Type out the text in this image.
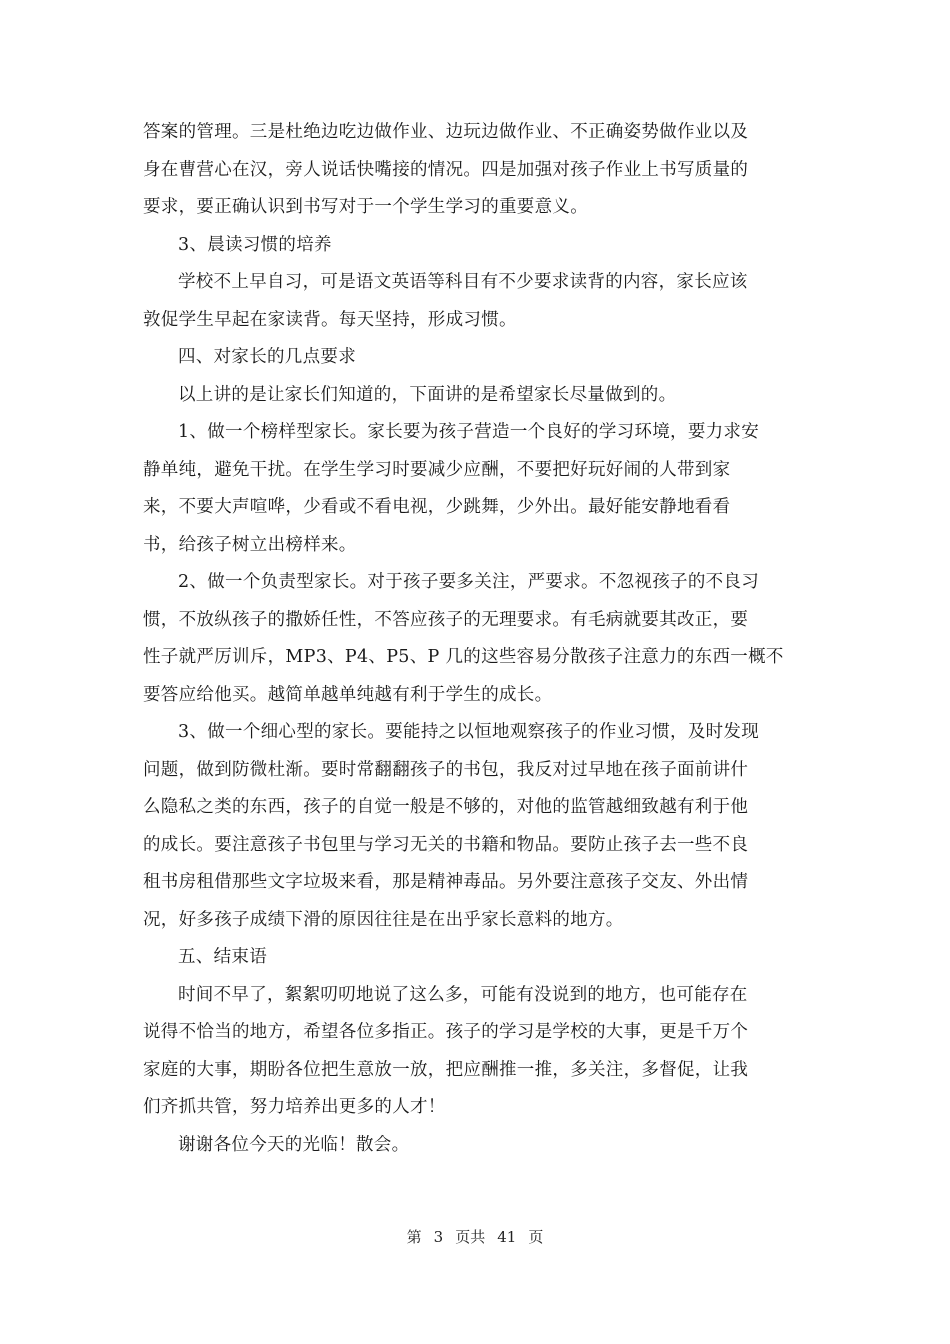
答案的管理。三是杜绝边吃边做作业、边玩边做作业、不正确姿势做作业以及
身在曹营心在汉，旁人说话快嘴接的情况。四是加强对孩子作业上书写质量的
要求，要正确认识到书写对于一个学生学习的重要意义。
3、晨读习惯的培养
学校不上早自习，可是语文英语等科目有不少要求读背的内容，家长应该
敦促学生早起在家读背。每天坚持，形成习惯。
四、对家长的几点要求
以上讲的是让家长们知道的，下面讲的是希望家长尽量做到的。
1、做一个榜样型家长。家长要为孩子营造一个良好的学习环境，要力求安
静单纯，避免干扰。在学生学习时要减少应酬，不要把好玩好闹的人带到家
来，不要大声喧哗，少看或不看电视，少跳舞，少外出。最好能安静地看看
书，给孩子树立出榜样来。
2、做一个负责型家长。对于孩子要多关注，严要求。不忽视孩子的不良习
惯，不放纵孩子的撒娇任性，不答应孩子的无理要求。有毛病就要其改正，要
性子就严厉训斥，MP3、P4、P5、P 几的这些容易分散孩子注意力的东西一概不
要答应给他买。越简单越单纯越有利于学生的成长。
3、做一个细心型的家长。要能持之以恒地观察孩子的作业习惯，及时发现
问题，做到防微杜渐。要时常翻翻孩子的书包，我反对过早地在孩子面前讲什
么隐私之类的东西，孩子的自觉一般是不够的，对他的监管越细致越有利于他
的成长。要注意孩子书包里与学习无关的书籍和物品。要防止孩子去一些不良
租书房租借那些文字垃圾来看，那是精神毒品。另外要注意孩子交友、外出情
况，好多孩子成绩下滑的原因往往是在出乎家长意料的地方。
五、结束语
时间不早了，絮絮叨叨地说了这么多，可能有没说到的地方，也可能存在
说得不恰当的地方，希望各位多指正。孩子的学习是学校的大事，更是千万个
家庭的大事，期盼各位把生意放一放，把应酬推一推，多关注，多督促，让我
们齐抓共管，努力培养出更多的人才！
谢谢各位今天的光临！散会。
第 3 页共 41 页
